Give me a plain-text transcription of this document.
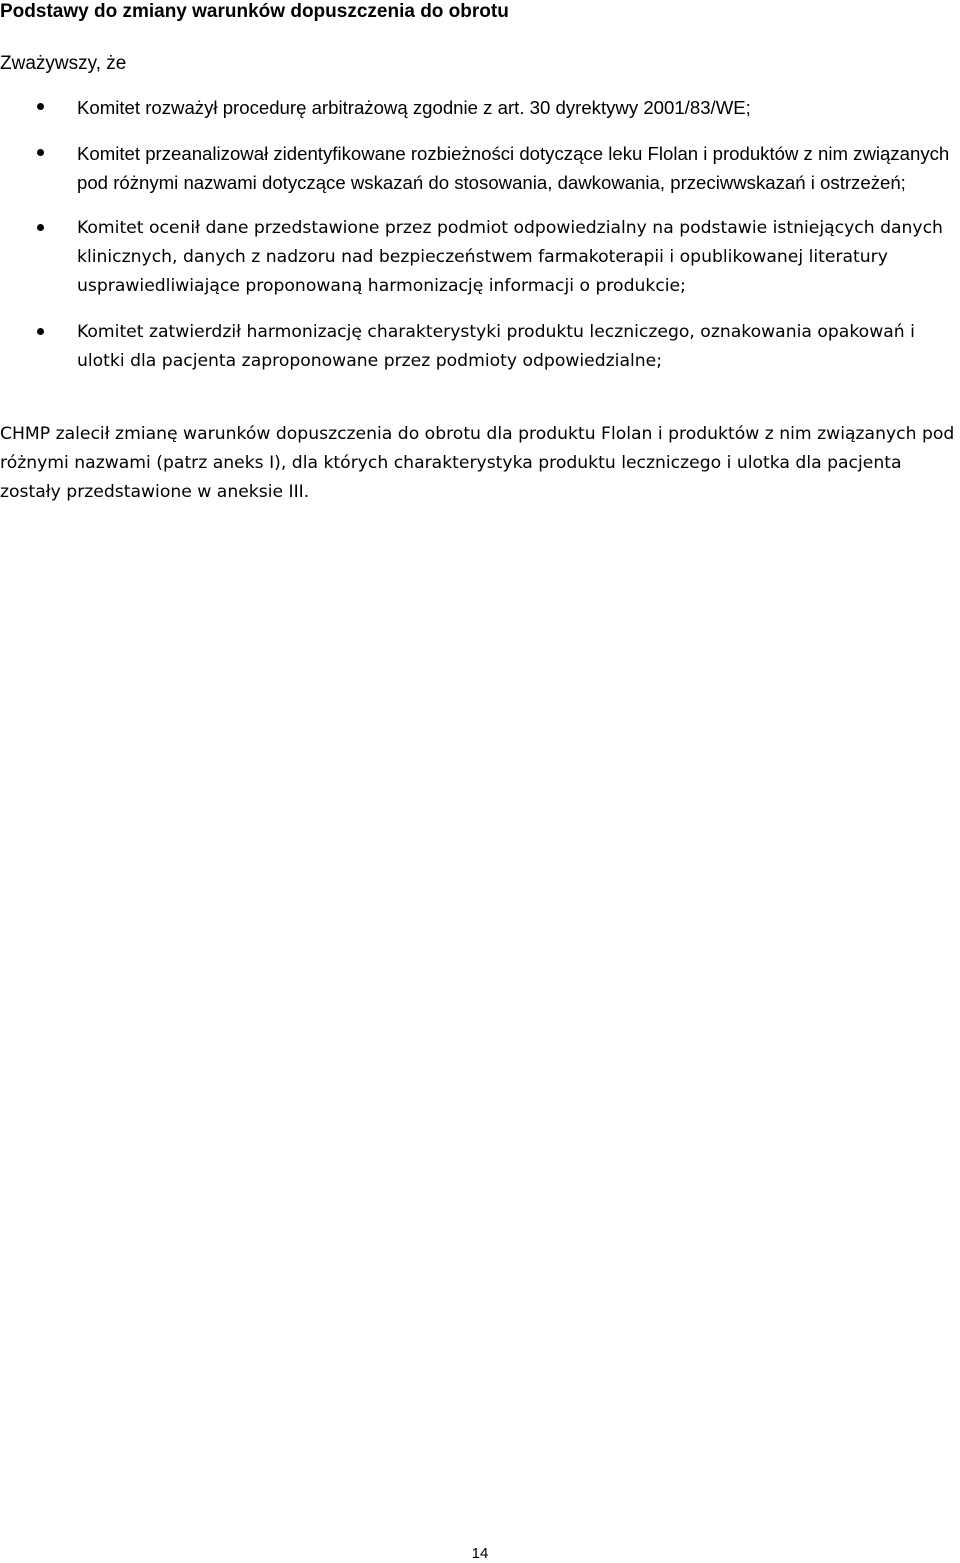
Podstawy do zmiany warunków dopuszczenia do obrotu
Zważywszy, że
Komitet rozważył procedurę arbitrażową zgodnie z art. 30 dyrektywy 2001/83/WE;
Komitet przeanalizował zidentyfikowane rozbieżności dotyczące leku Flolan i produktów z nim związanych pod różnymi nazwami dotyczące wskazań do stosowania, dawkowania, przeciwwskazań i ostrzeżeń;
Komitet ocenił dane przedstawione przez podmiot odpowiedzialny na podstawie istniejących danych klinicznych, danych z nadzoru nad bezpieczeństwem farmakoterapii i opublikowanej literatury usprawiedliwiające proponowaną harmonizację informacji o produkcie;
Komitet zatwierdził harmonizację charakterystyki produktu leczniczego, oznakowania opakowań i ulotki dla pacjenta zaproponowane przez podmioty odpowiedzialne;

CHMP zalecił zmianę warunków dopuszczenia do obrotu dla produktu Flolan i produktów z nim związanych pod różnymi nazwami (patrz aneks I), dla których charakterystyka produktu leczniczego i ulotka dla pacjenta zostały przedstawione w aneksie III.

14
